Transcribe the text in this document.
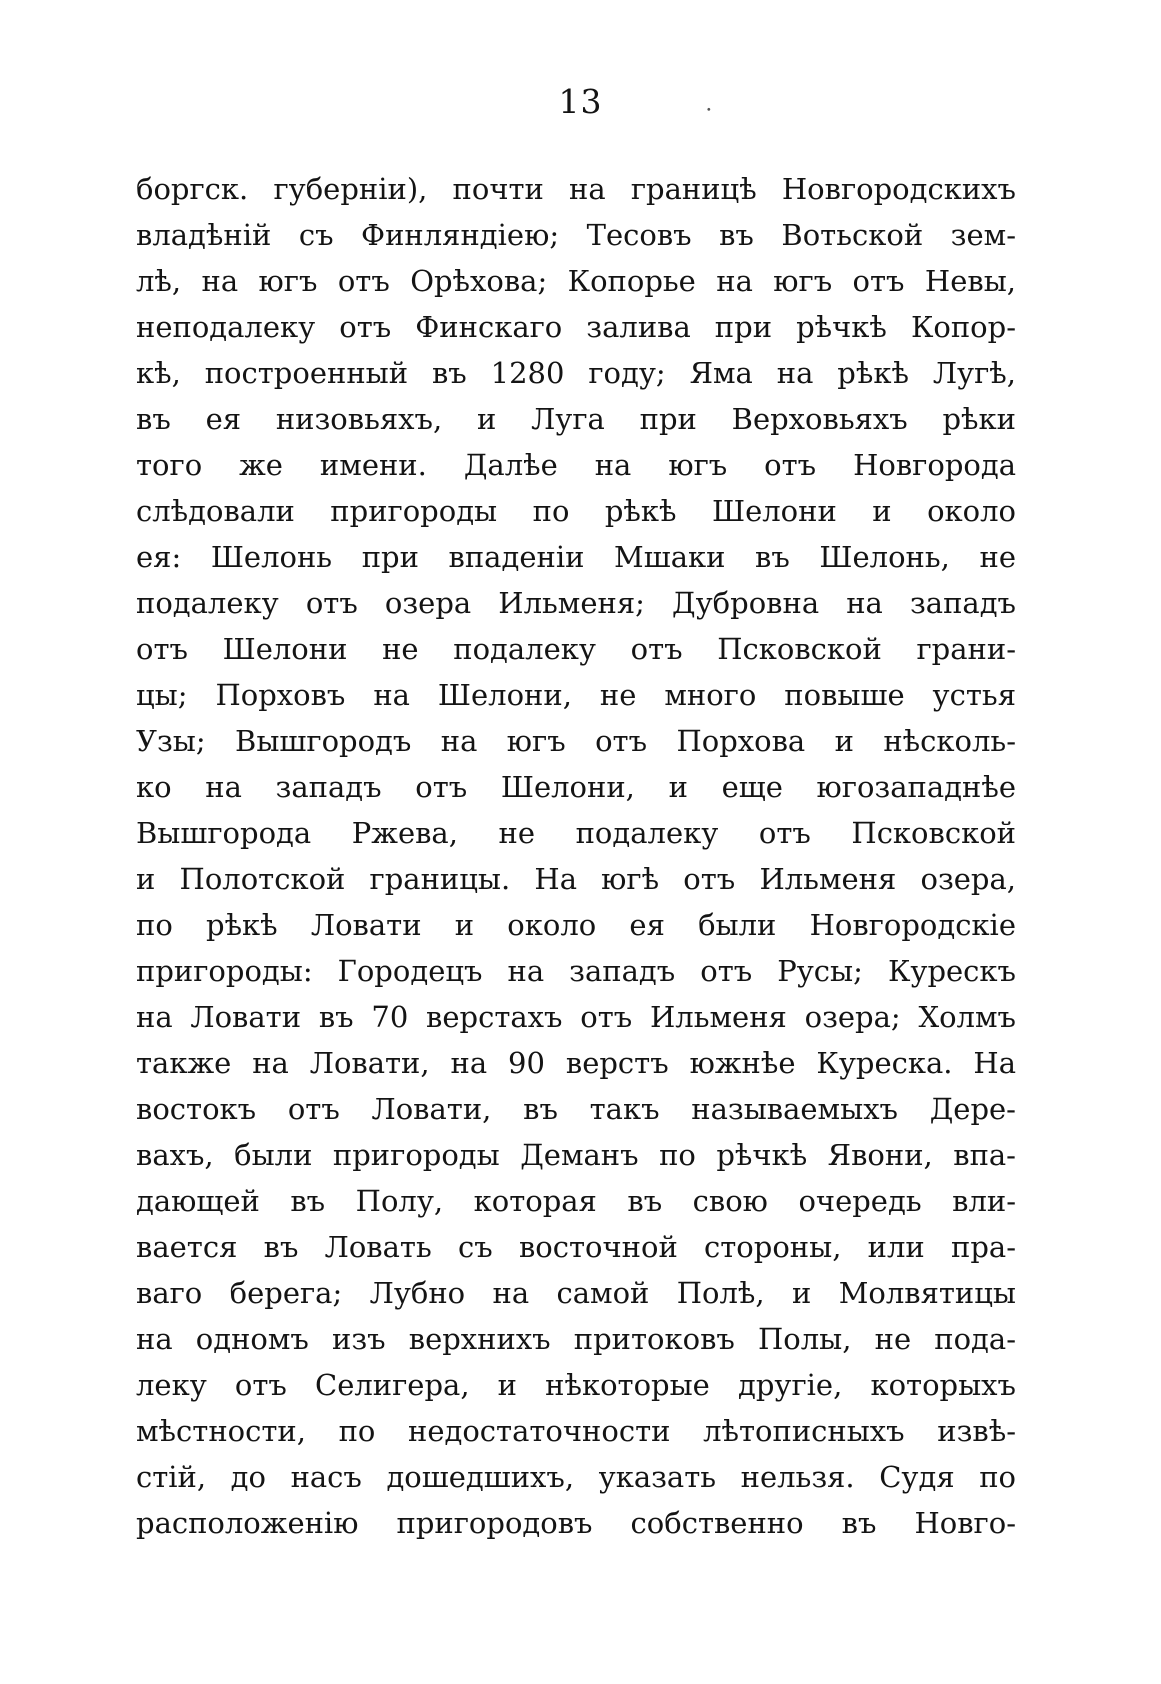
13	⋅
боргск. губерніи), почти на границѣ Новгородскихъ
владѣній съ Финляндіею; Тесовъ въ Вотьской зем-
лѣ, на югъ отъ Орѣхова; Копорье на югъ отъ Невы,
неподалеку отъ Финскаго залива при рѣчкѣ Копор-
кѣ, построенный въ 1280 году; Яма на рѣкѣ Лугѣ,
въ ея низовьяхъ, и Луга при Верховьяхъ рѣки
того же имени. Далѣе на югъ отъ Новгорода
слѣдовали пригороды по рѣкѣ Шелони и около
ея: Шелонь при впаденіи Мшаки въ Шелонь, не
подалеку отъ озера Ильменя; Дубровна на западъ
отъ Шелони не подалеку отъ Псковской грани-
цы; Порховъ на Шелони, не много повыше устья
Узы; Вышгородъ на югъ отъ Порхова и нѣсколь-
ко на западъ отъ Шелони, и еще югозападнѣе
Вышгорода Ржева, не подалеку отъ Псковской
и Полотской границы. На югѣ отъ Ильменя озера,
по рѣкѣ Ловати и около ея были Новгородскіе
пригороды: Городецъ на западъ отъ Русы; Курескъ
на Ловати въ 70 верстахъ отъ Ильменя озера; Холмъ
также на Ловати, на 90 верстъ южнѣе Куреска. На
востокъ отъ Ловати, въ такъ называемыхъ Дере-
вахъ, были пригороды Деманъ по рѣчкѣ Явони, впа-
дающей въ Полу, которая въ свою очередь вли-
вается въ Ловать съ восточной стороны, или пра-
ваго берега; Лубно на самой Полѣ, и Молвятицы
на одномъ изъ верхнихъ притоковъ Полы, не пода-
леку отъ Селигера, и нѣкоторые другіе, которыхъ
мѣстности, по недостаточности лѣтописныхъ извѣ-
стій, до насъ дошедшихъ, указать нельзя. Судя по
расположенію пригородовъ собственно въ Новго-
